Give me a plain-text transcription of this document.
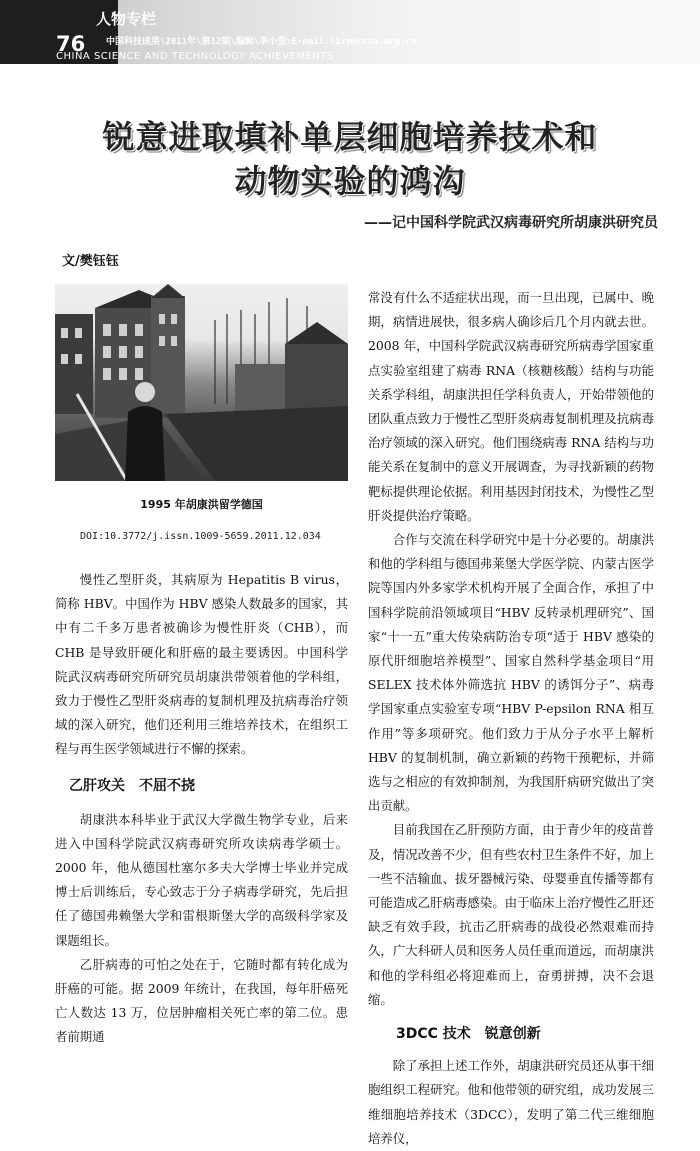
76
人物专栏
中国科技成果\2011年\第12期\编辑\李小莹\E-mail:lixy@csta.org.cn
CHINA SCIENCE AND TECHNOLOGY ACHIEVEMENTS
锐意进取填补单层细胞培养技术和
动物实验的鸿沟
——记中国科学院武汉病毒研究所胡康洪研究员
文/樊钰钰
1995 年胡康洪留学德国
DOI:10.3772/j.issn.1009-5659.2011.12.034

慢性乙型肝炎，其病原为 Hepatitis B virus，简称 HBV。中国作为 HBV 感染人数最多的国家，其中有二千多万患者被确诊为慢性肝炎（CHB），而 CHB 是导致肝硬化和肝癌的最主要诱因。中国科学院武汉病毒研究所研究员胡康洪带领着他的学科组，致力于慢性乙型肝炎病毒的复制机理及抗病毒治疗领域的深入研究，他们还利用三维培养技术，在组织工程与再生医学领域进行不懈的探索。

乙肝攻关　不屈不挠

胡康洪本科毕业于武汉大学微生物学专业，后来进入中国科学院武汉病毒研究所攻读病毒学硕士。2000 年，他从德国杜塞尔多夫大学博士毕业并完成博士后训练后，专心致志于分子病毒学研究，先后担任了德国弗赖堡大学和雷根斯堡大学的高级科学家及课题组长。

乙肝病毒的可怕之处在于，它随时都有转化成为肝癌的可能。据 2009 年统计，在我国，每年肝癌死亡人数达 13 万，位居肿瘤相关死亡率的第二位。患者前期通

常没有什么不适症状出现，而一旦出现，已属中、晚期，病情进展快，很多病人确诊后几个月内就去世。2008 年，中国科学院武汉病毒研究所病毒学国家重点实验室组建了病毒 RNA（核糖核酸）结构与功能关系学科组，胡康洪担任学科负责人，开始带领他的团队重点致力于慢性乙型肝炎病毒复制机理及抗病毒治疗领域的深入研究。他们围绕病毒 RNA 结构与功能关系在复制中的意义开展调查，为寻找新颖的药物靶标提供理论依据。利用基因封闭技术，为慢性乙型肝炎提供治疗策略。

合作与交流在科学研究中是十分必要的。胡康洪和他的学科组与德国弗莱堡大学医学院、内蒙古医学院等国内外多家学术机构开展了全面合作，承担了中国科学院前沿领域项目“HBV 反转录机理研究”、国家“十一五”重大传染病防治专项“适于 HBV 感染的原代肝细胞培养模型”、国家自然科学基金项目“用 SELEX 技术体外筛选抗 HBV 的诱饵分子”、病毒学国家重点实验室专项“HBV P-epsilon RNA 相互作用”等多项研究。他们致力于从分子水平上解析 HBV 的复制机制，确立新颖的药物干预靶标，并筛选与之相应的有效抑制剂，为我国肝病研究做出了突出贡献。

目前我国在乙肝预防方面，由于青少年的疫苗普及，情况改善不少，但有些农村卫生条件不好，加上一些不洁输血、拔牙器械污染、母婴垂直传播等都有可能造成乙肝病毒感染。由于临床上治疗慢性乙肝还缺乏有效手段，抗击乙肝病毒的战役必然艰难而持久，广大科研人员和医务人员任重而道远，而胡康洪和他的学科组必将迎难而上，奋勇拼搏，决不会退缩。

3DCC 技术　锐意创新

除了承担上述工作外，胡康洪研究员还从事干细胞组织工程研究。他和他带领的研究组，成功发展三维细胞培养技术（3DCC），发明了第二代三维细胞培养仪，
